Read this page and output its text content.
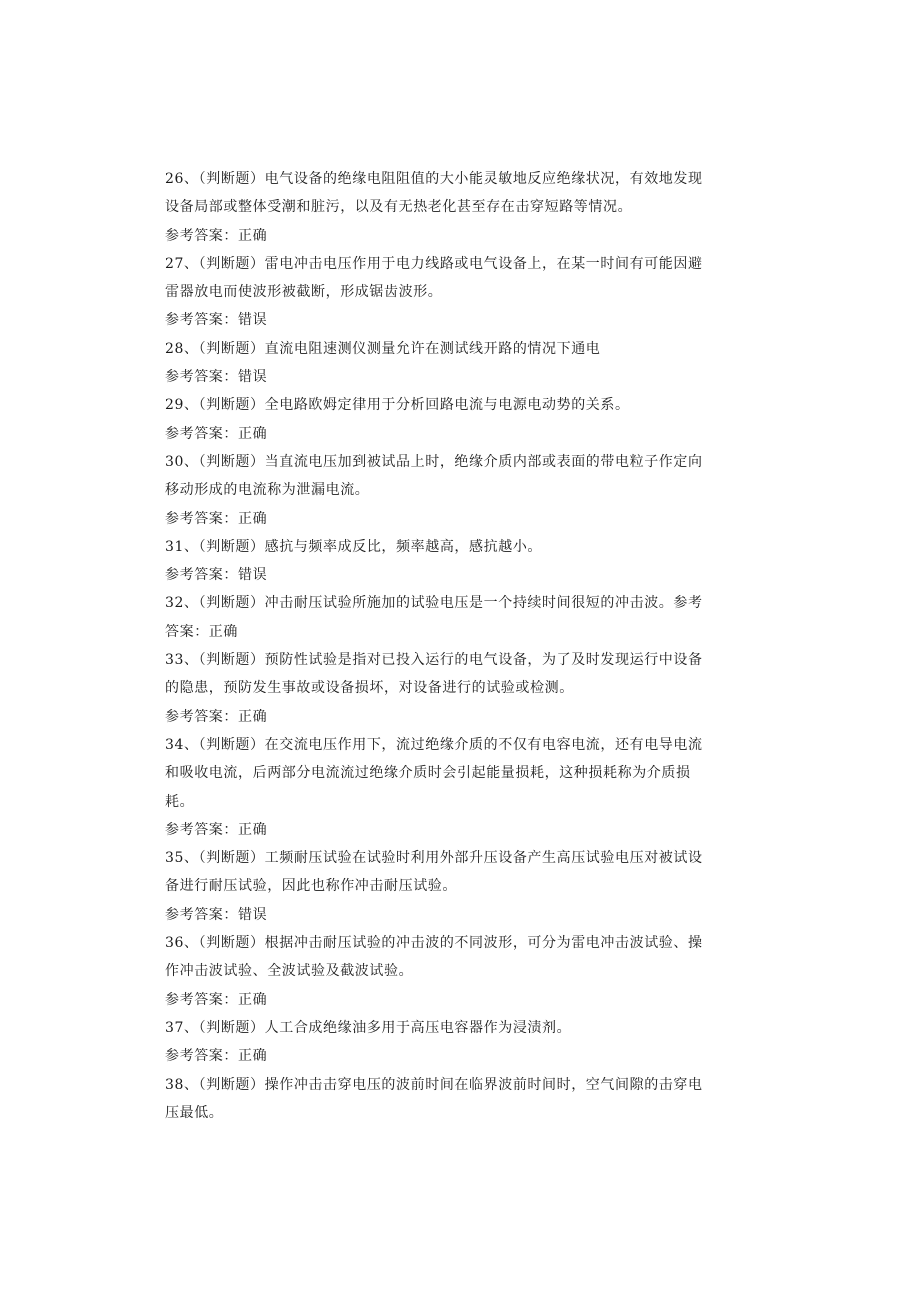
26、（判断题）电气设备的绝缘电阻阻值的大小能灵敏地反应绝缘状况，有效地发现
设备局部或整体受潮和脏污，以及有无热老化甚至存在击穿短路等情况。
参考答案：正确
27、（判断题）雷电冲击电压作用于电力线路或电气设备上，在某一时间有可能因避
雷器放电而使波形被截断，形成锯齿波形。
参考答案：错误
28、（判断题）直流电阻速测仪测量允许在测试线开路的情况下通电
参考答案：错误
29、（判断题）全电路欧姆定律用于分析回路电流与电源电动势的关系。
参考答案：正确
30、（判断题）当直流电压加到被试品上时，绝缘介质内部或表面的带电粒子作定向
移动形成的电流称为泄漏电流。
参考答案：正确
31、（判断题）感抗与频率成反比，频率越高，感抗越小。
参考答案：错误
32、（判断题）冲击耐压试验所施加的试验电压是一个持续时间很短的冲击波。参考
答案：正确
33、（判断题）预防性试验是指对已投入运行的电气设备，为了及时发现运行中设备
的隐患，预防发生事故或设备损坏，对设备进行的试验或检测。
参考答案：正确
34、（判断题）在交流电压作用下，流过绝缘介质的不仅有电容电流，还有电导电流
和吸收电流，后两部分电流流过绝缘介质时会引起能量损耗，这种损耗称为介质损
耗。
参考答案：正确
35、（判断题）工频耐压试验在试验时利用外部升压设备产生高压试验电压对被试设
备进行耐压试验，因此也称作冲击耐压试验。
参考答案：错误
36、（判断题）根据冲击耐压试验的冲击波的不同波形，可分为雷电冲击波试验、操
作冲击波试验、全波试验及截波试验。
参考答案：正确
37、（判断题）人工合成绝缘油多用于高压电容器作为浸渍剂。
参考答案：正确
38、（判断题）操作冲击击穿电压的波前时间在临界波前时间时，空气间隙的击穿电
压最低。
